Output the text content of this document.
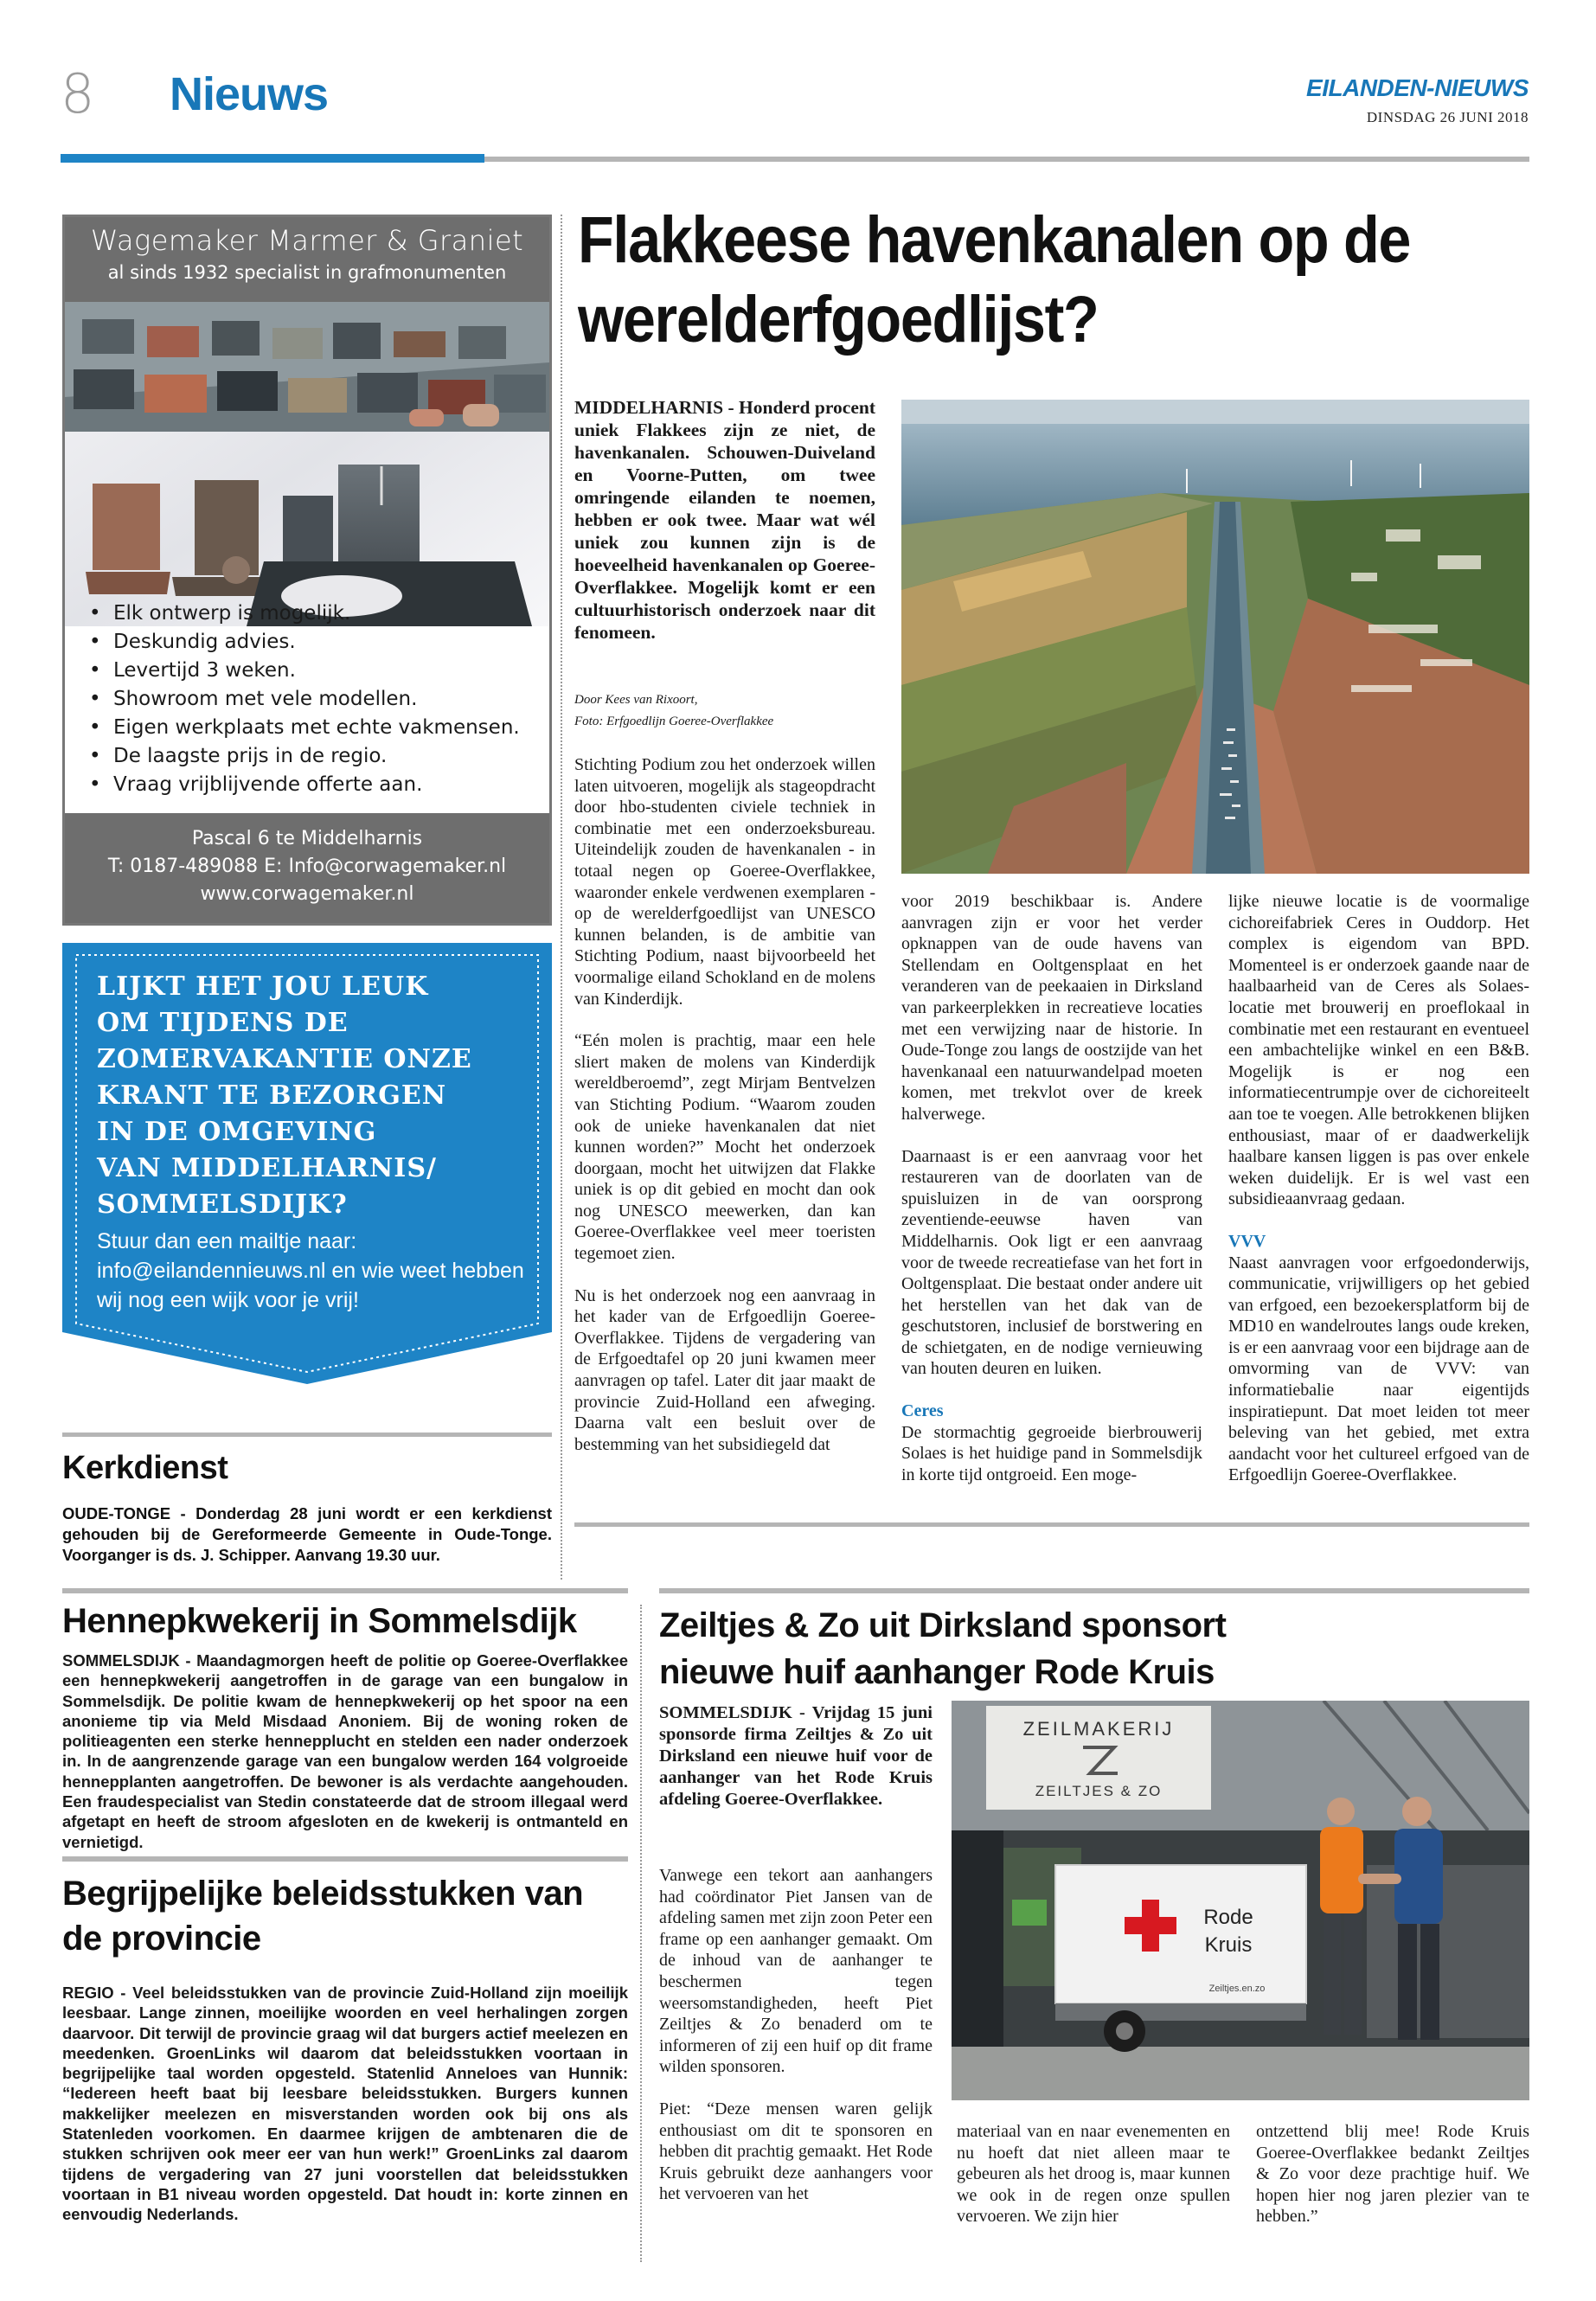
8 Nieuws	EILANDEN-NIEUWS
DINSDAG 26 JUNI 2018
Wagemaker Marmer & Graniet
al sinds 1932 specialist in grafmonumenten
• Elk ontwerp is mogelijk.
• Deskundig advies.
• Levertijd 3 weken.
• Showroom met vele modellen.
• Eigen werkplaats met echte vakmensen.
• De laagste prijs in de regio.
• Vraag vrijblijvende offerte aan.
Pascal 6 te Middelharnis
T: 0187-489088 E: Info@corwagemaker.nl
www.corwagemaker.nl
LIJKT HET JOU LEUK
OM TIJDENS DE
ZOMERVAKANTIE ONZE
KRANT TE BEZORGEN
IN DE OMGEVING
VAN MIDDELHARNIS/
SOMMELSDIJK?
Stuur dan een mailtje naar: info@eilandennieuws.nl en wie weet hebben wij nog een wijk voor je vrij!
Kerkdienst
OUDE-TONGE - Donderdag 28 juni wordt er een kerkdienst gehouden bij de Gereformeerde Gemeente in Oude-Tonge. Voorganger is ds. J. Schipper. Aanvang 19.30 uur.
Flakkeese havenkanalen op de werelderfgoedlijst?
MIDDELHARNIS - Honderd procent uniek Flakkees zijn ze niet, de havenkanalen. Schouwen-Duiveland en Voorne-Putten, om twee omringende eilanden te noemen, hebben er ook twee. Maar wat wél uniek zou kunnen zijn is de hoeveelheid havenkanalen op Goeree-Overflakkee. Mogelijk komt er een cultuurhistorisch onderzoek naar dit fenomeen.
Door Kees van Rixoort,
Foto: Erfgoedlijn Goeree-Overflakkee

Stichting Podium zou het onderzoek willen laten uitvoeren, mogelijk als stageopdracht door hbo-studenten civiele techniek in combinatie met een onderzoeksbureau. Uiteindelijk zouden de havenkanalen - in totaal negen op Goeree-Overflakkee, waaronder enkele verdwenen exemplaren - op de werelderfgoedlijst van UNESCO kunnen belanden, is de ambitie van Stichting Podium, naast bijvoorbeeld het voormalige eiland Schokland en de molens van Kinderdijk.

“Eén molen is prachtig, maar een hele sliert maken de molens van Kinderdijk wereldberoemd”, zegt Mirjam Bentvelzen van Stichting Podium. “Waarom zouden ook de unieke havenkanalen dat niet kunnen worden?” Mocht het onderzoek doorgaan, mocht het uitwijzen dat Flakke uniek is op dit gebied en mocht dan ook nog UNESCO meewerken, dan kan Goeree-Overflakkee veel meer toeristen tegemoet zien.

Nu is het onderzoek nog een aanvraag in het kader van de Erfgoedlijn Goeree-Overflakkee. Tijdens de vergadering van de Erfgoedtafel op 20 juni kwamen meer aanvragen op tafel. Later dit jaar maakt de provincie Zuid-Holland een afweging. Daarna valt een besluit over de bestemming van het subsidiegeld dat

voor 2019 beschikbaar is. Andere aanvragen zijn er voor het verder opknappen van de oude havens van Stellendam en Ooltgensplaat en het veranderen van de peekaaien in Dirksland van parkeerplekken in recreatieve locaties met een verwijzing naar de historie. In Oude-Tonge zou langs de oostzijde van het havenkanaal een natuurwandelpad moeten komen, met trekvlot over de kreek halverwege.

Daarnaast is er een aanvraag voor het restaureren van de doorlaten van de spuisluizen in de van oorsprong zeventiende-eeuwse haven van Middelharnis. Ook ligt er een aanvraag voor de tweede recreatiefase van het fort in Ooltgensplaat. Die bestaat onder andere uit het herstellen van het dak van de geschutstoren, inclusief de borstwering en de schietgaten, en de nodige vernieuwing van houten deuren en luiken.

Ceres

De stormachtig gegroeide bierbrouwerij Solaes is het huidige pand in Sommelsdijk in korte tijd ontgroeid. Een moge-

lijke nieuwe locatie is de voormalige cichoreifabriek Ceres in Ouddorp. Het complex is eigendom van BPD. Momenteel is er onderzoek gaande naar de haalbaarheid van de Ceres als Solaes-locatie met brouwerij en proeflokaal in combinatie met een restaurant en eventueel een ambachtelijke winkel en een B&B. Mogelijk is er nog een informatiecentrumpje over de cichoreiteelt aan toe te voegen. Alle betrokkenen blijken enthousiast, maar of er daadwerkelijk haalbare kansen liggen is pas over enkele weken duidelijk. Er is wel vast een subsidieaanvraag gedaan.

VVV

Naast aanvragen voor erfgoedonderwijs, communicatie, vrijwilligers op het gebied van erfgoed, een bezoekersplatform bij de MD10 en wandelroutes langs oude kreken, is er een aanvraag voor een bijdrage aan de omvorming van de VVV: van informatiebalie naar eigentijds inspiratiepunt. Dat moet leiden tot meer beleving van het gebied, met extra aandacht voor het cultureel erfgoed van de Erfgoedlijn Goeree-Overflakkee.

Hennepkwekerij in Sommelsdijk
SOMMELSDIJK - Maandagmorgen heeft de politie op Goeree-Overflakkee een hennepkwekerij aangetroffen in de garage van een bungalow in Sommelsdijk. De politie kwam de hennepkwekerij op het spoor na een anonieme tip via Meld Misdaad Anoniem. Bij de woning roken de politieagenten een sterke hennepplucht en stelden een nader onderzoek in. In de aangrenzende garage van een bungalow werden 164 volgroeide hennepplanten aangetroffen. De bewoner is als verdachte aangehouden. Een fraudespecialist van Stedin constateerde dat de stroom illegaal werd afgetapt en heeft de stroom afgesloten en de kwekerij is ontmanteld en vernietigd.
Begrijpelijke beleidsstukken van de provincie
REGIO - Veel beleidsstukken van de provincie Zuid-Holland zijn moeilijk leesbaar. Lange zinnen, moeilijke woorden en veel herhalingen zorgen daarvoor. Dit terwijl de provincie graag wil dat burgers actief meelezen en meedenken. GroenLinks wil daarom dat beleidsstukken voortaan in begrijpelijke taal worden opgesteld. Statenlid Anneloes van Hunnik: “Iedereen heeft baat bij leesbare beleidsstukken. Burgers kunnen makkelijker meelezen en misverstanden worden ook bij ons als Statenleden voorkomen. En daarmee krijgen de ambtenaren die de stukken schrijven ook meer eer van hun werk!” GroenLinks zal daarom tijdens de vergadering van 27 juni voorstellen dat beleidsstukken voortaan in B1 niveau worden opgesteld. Dat houdt in: korte zinnen en eenvoudig Nederlands.
Zeiltjes & Zo uit Dirksland sponsort nieuwe huif aanhanger Rode Kruis
SOMMELSDIJK - Vrijdag 15 juni sponsorde firma Zeiltjes & Zo uit Dirksland een nieuwe huif voor de aanhanger van het Rode Kruis afdeling Goeree-Overflakkee.

Vanwege een tekort aan aanhangers had coördinator Piet Jansen van de afdeling samen met zijn zoon Peter een frame op een aanhanger gemaakt. Om de inhoud van de aanhanger te beschermen tegen weersomstandigheden, heeft Piet Zeiltjes & Zo benaderd om te informeren of zij een huif op dit frame wilden sponsoren.

Piet: “Deze mensen waren gelijk enthousiast om dit te sponsoren en hebben dit prachtig gemaakt. Het Rode Kruis gebruikt deze aanhangers voor het vervoeren van het

ZEILMAKERIJ
ZEILTJES & ZO
Rode
Kruis
Zeiltjes.en.zo

materiaal van en naar evenementen en nu hoeft dat niet alleen maar te gebeuren als het droog is, maar kunnen we ook in de regen onze spullen vervoeren. We zijn hier

ontzettend blij mee! Rode Kruis Goeree-Overflakkee bedankt Zeiltjes & Zo voor deze prachtige huif. We hopen hier nog jaren plezier van te hebben.”
